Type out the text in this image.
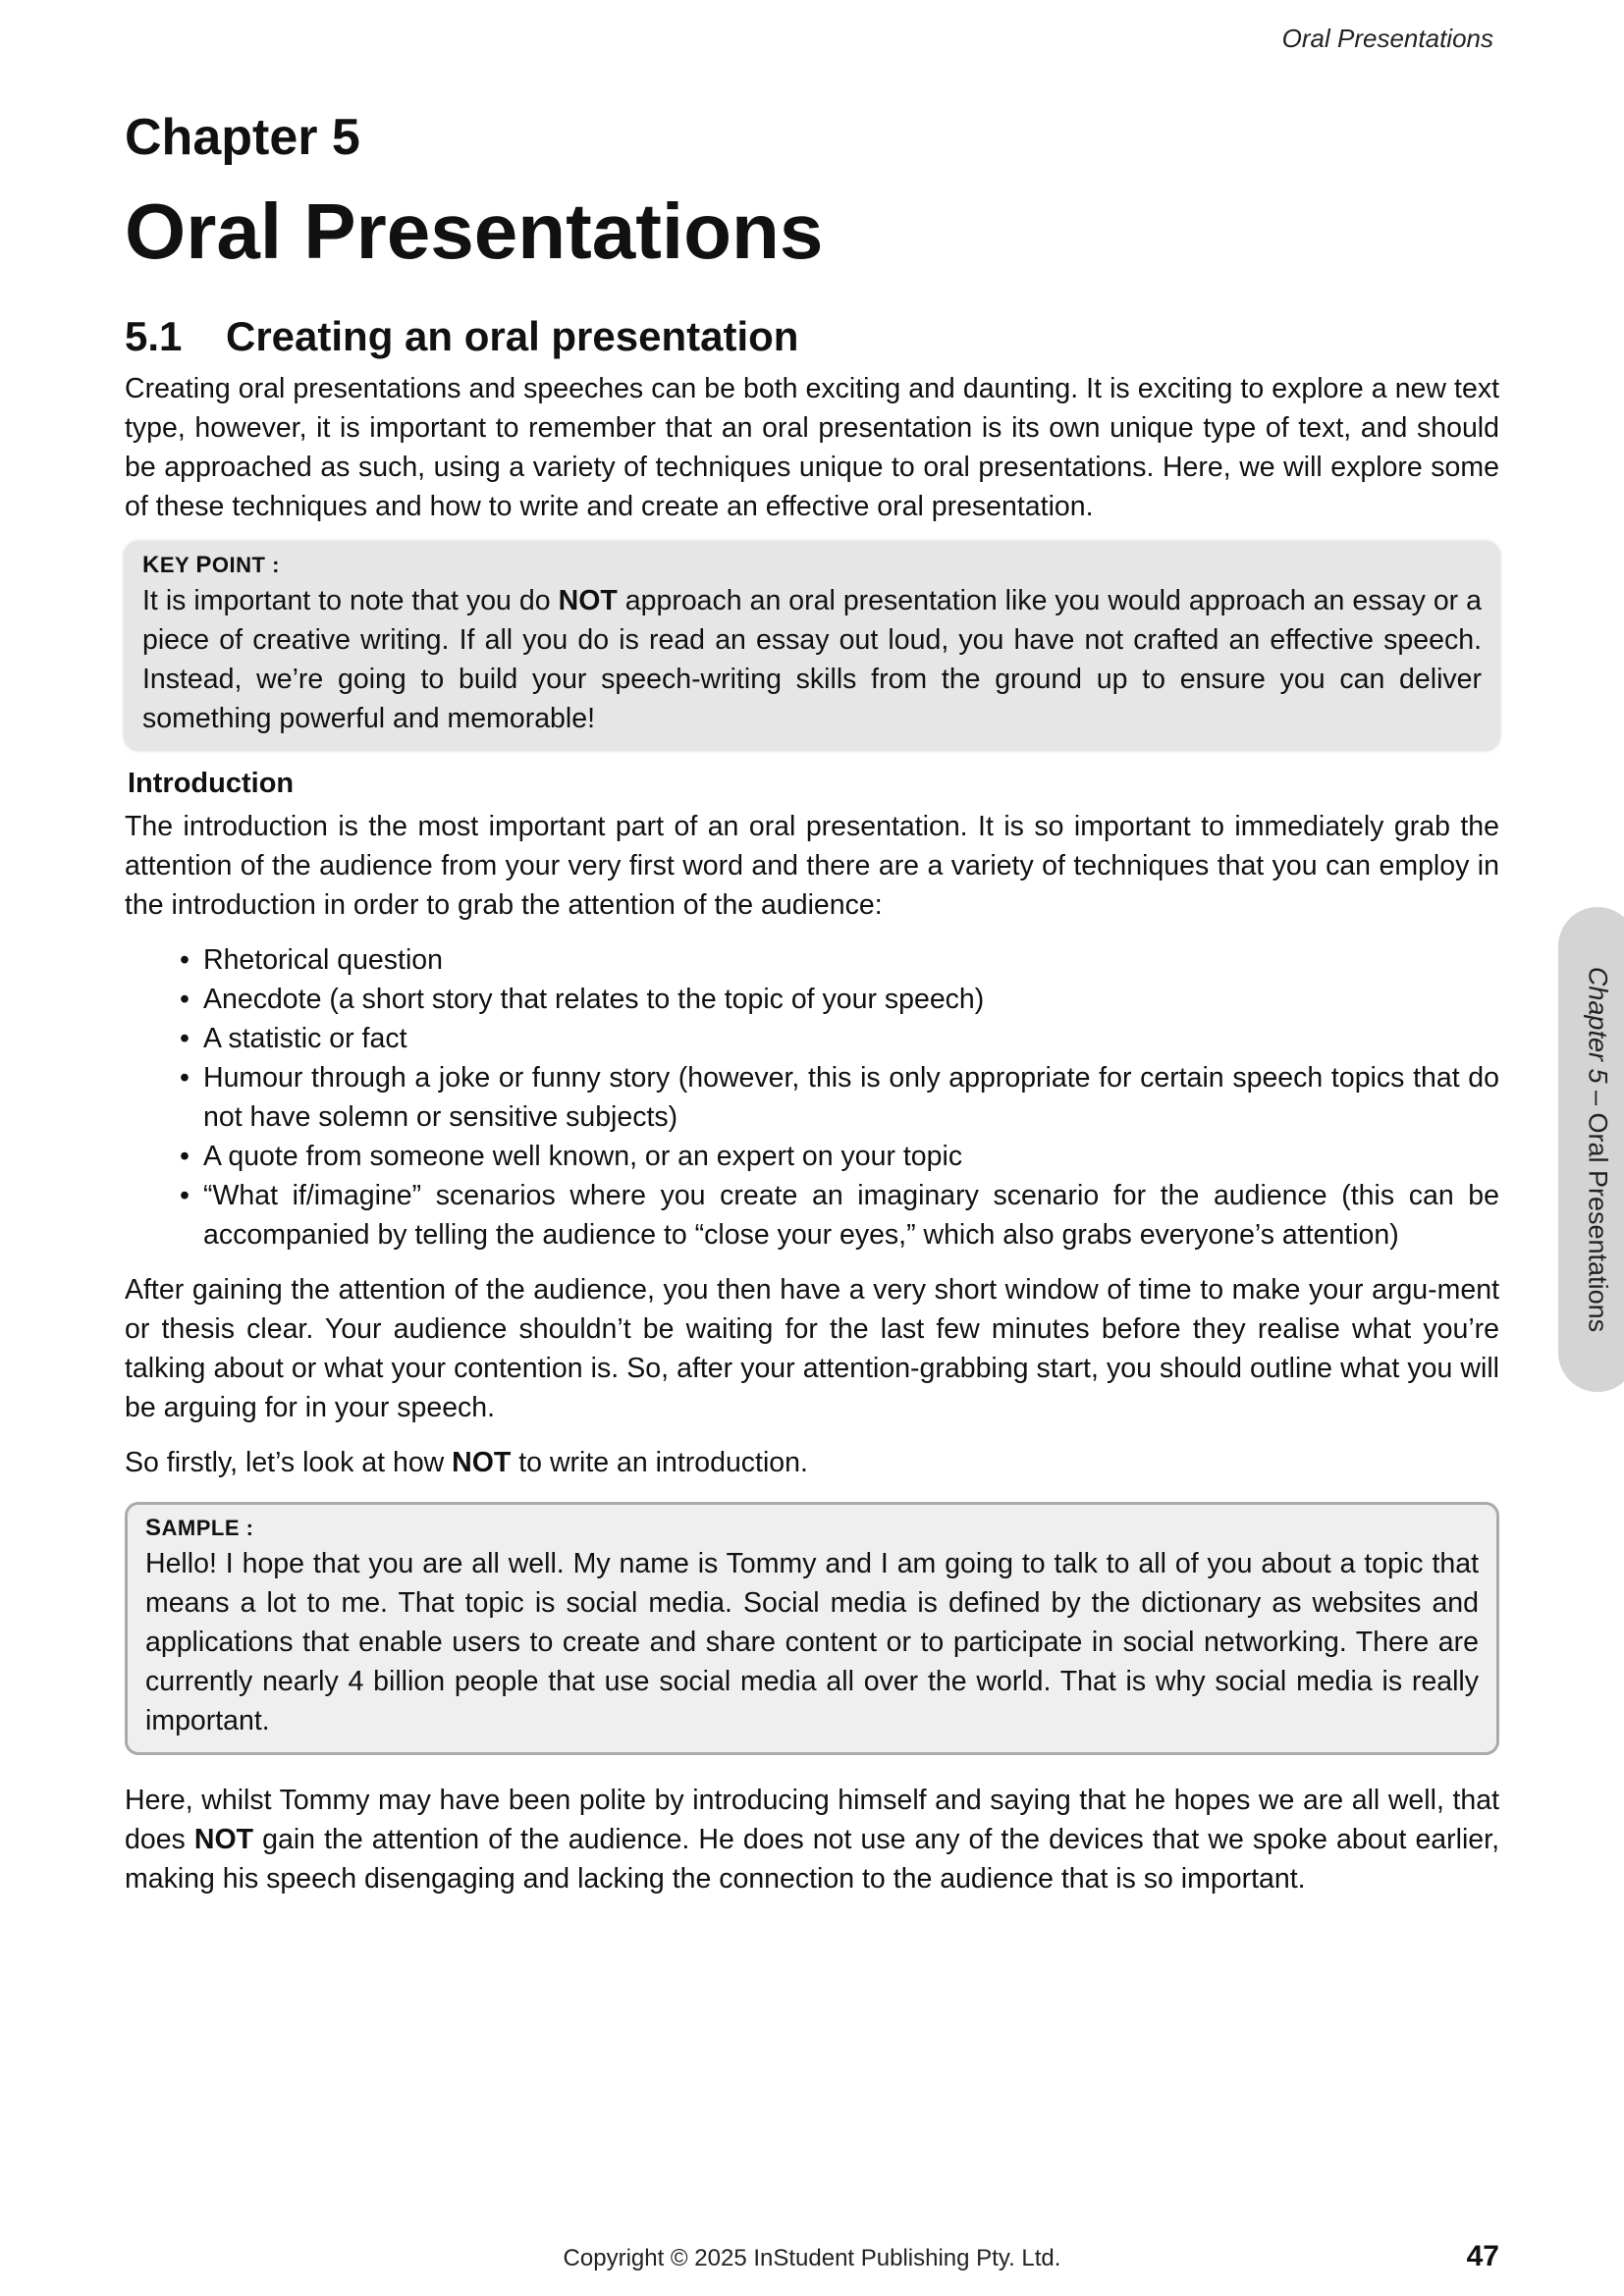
Oral Presentations
Chapter 5
Oral Presentations
5.1	Creating an oral presentation

Creating oral presentations and speeches can be both exciting and daunting. It is exciting to explore a new text type, however, it is important to remember that an oral presentation is its own unique type of text, and should be approached as such, using a variety of techniques unique to oral presentations. Here, we will explore some of these techniques and how to write and create an effective oral presentation.

KEY POINT :

It is important to note that you do NOT approach an oral presentation like you would approach an essay or a piece of creative writing. If all you do is read an essay out loud, you have not crafted an effective speech. Instead, we’re going to build your speech-writing skills from the ground up to ensure you can deliver something powerful and memorable!

Introduction

The introduction is the most important part of an oral presentation. It is so important to immediately grab the attention of the audience from your very first word and there are a variety of techniques that you can employ in the introduction in order to grab the attention of the audience:

• Rhetorical question
• Anecdote (a short story that relates to the topic of your speech)
• A statistic or fact
• Humour through a joke or funny story (however, this is only appropriate for certain speech topics that do not have solemn or sensitive subjects)
• A quote from someone well known, or an expert on your topic
• “What if/imagine” scenarios where you create an imaginary scenario for the audience (this can be accompanied by telling the audience to “close your eyes,” which also grabs everyone’s attention)

After gaining the attention of the audience, you then have a very short window of time to make your argu-ment or thesis clear. Your audience shouldn’t be waiting for the last few minutes before they realise what you’re talking about or what your contention is. So, after your attention-grabbing start, you should outline what you will be arguing for in your speech.

So firstly, let’s look at how NOT to write an introduction.

SAMPLE :

Hello! I hope that you are all well. My name is Tommy and I am going to talk to all of you about a topic that means a lot to me. That topic is social media. Social media is defined by the dictionary as websites and applications that enable users to create and share content or to participate in social networking. There are currently nearly 4 billion people that use social media all over the world. That is why social media is really important.

Here, whilst Tommy may have been polite by introducing himself and saying that he hopes we are all well, that does NOT gain the attention of the audience. He does not use any of the devices that we spoke about earlier, making his speech disengaging and lacking the connection to the audience that is so important.

Chapter 5 – Oral Presentations
Copyright © 2025 InStudent Publishing Pty. Ltd.	47
